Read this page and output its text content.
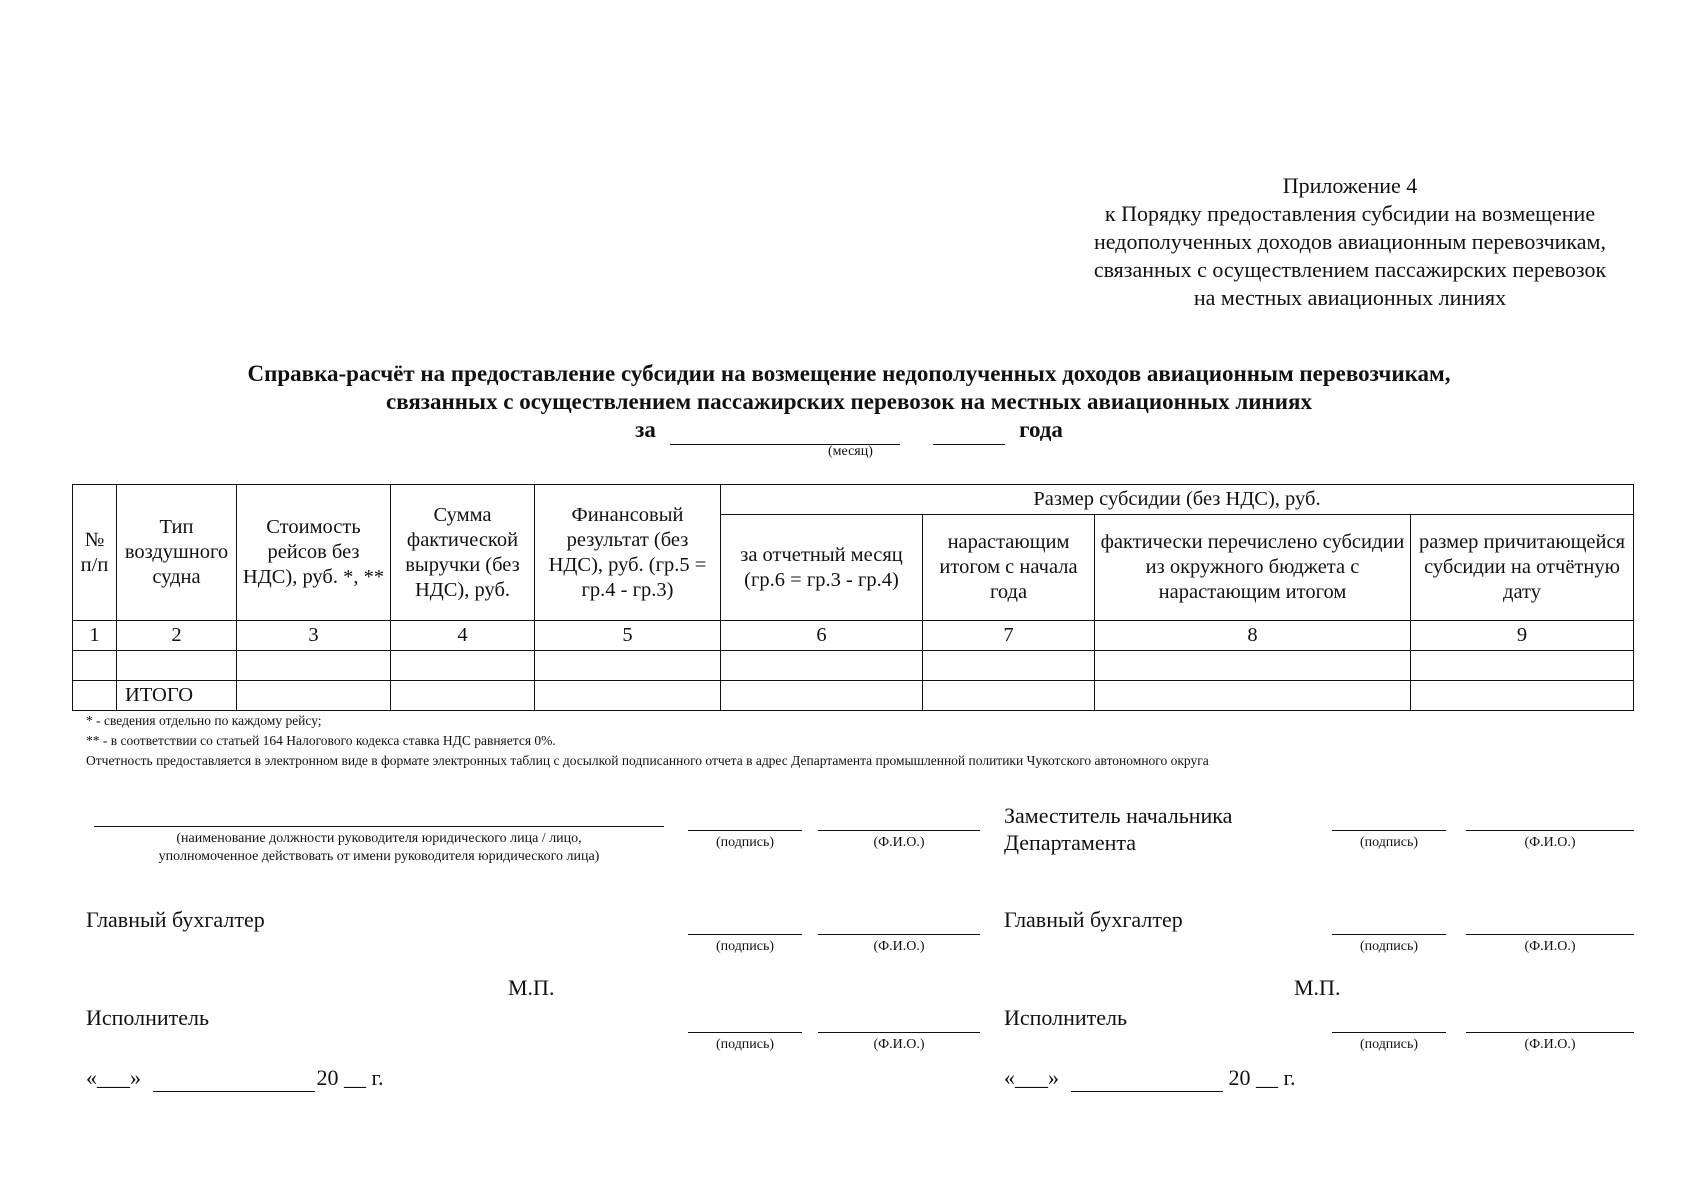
Приложение 4
к Порядку предоставления субсидии на возмещение
недополученных доходов авиационным перевозчикам,
связанных с осуществлением пассажирских перевозок
на местных авиационных линиях
Справка-расчёт на предоставление субсидии на возмещение недополученных доходов авиационным перевозчикам,
связанных с осуществлением пассажирских перевозок на местных авиационных линиях
за	года
(месяц)
№ п/п	Тип воздушного судна	Стоимость рейсов без НДС), руб. *, **	Сумма фактической выручки (без НДС), руб.	Финансовый результат (без НДС), руб. (гр.5 = гр.4 - гр.3)	Размер субсидии (без НДС), руб.			
					за отчетный месяц (гр.6 = гр.3 - гр.4)	нарастающим итогом с начала года	фактически перечислено субсидии из окружного бюджета с нарастающим итогом	размер причитающейся субсидии на отчётную дату
1	2	3	4	5	6	7	8	9

	ИТОГО							
* - сведения отдельно по каждому рейсу;
** - в соответствии со статьей 164 Налогового кодекса ставка НДС равняется 0%.
Отчетность предоставляется в электронном виде в формате электронных таблиц с досылкой подписанного отчета в адрес Департамента промышленной политики Чукотского автономного округа
(наименование должности руководителя юридического лица / лицо,
уполномоченное действовать от имени руководителя юридического лица)
(подпись)	(Ф.И.О.)
Главный бухгалтер
(подпись)	(Ф.И.О.)
М.П.
Исполнитель
(подпись)	(Ф.И.О.)
«___»	20 __ г.
Заместитель начальника
Департамента	(подпись)	(Ф.И.О.)
Главный бухгалтер
(подпись)	(Ф.И.О.)
М.П.
Исполнитель
(подпись)	(Ф.И.О.)
«___»	20 __ г.
